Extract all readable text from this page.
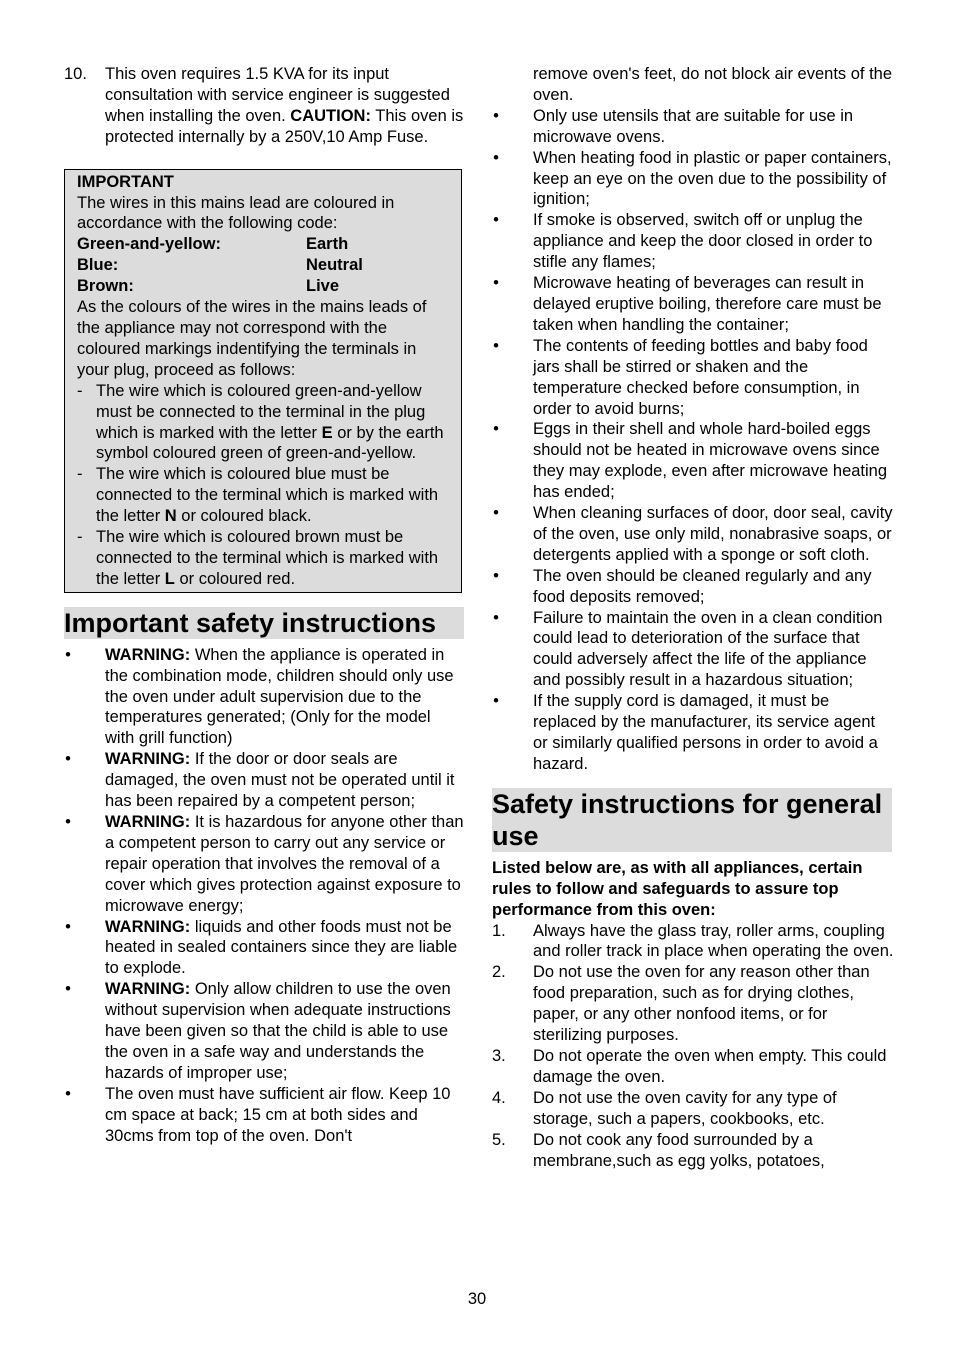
10. This oven requires 1.5 KVA for its input consultation with service engineer is suggested when installing the oven. CAUTION: This oven is protected internally by a 250V,10 Amp Fuse.
IMPORTANT
The wires in this mains lead are coloured in accordance with the following code:
Green-and-yellow:	Earth
Blue:	Neutral
Brown:	Live
As the colours of the wires in the mains leads of the appliance may not correspond with the coloured markings indentifying the terminals in your plug, proceed as follows:
- The wire which is coloured green-and-yellow must be connected to the terminal in the plug which is marked with the letter E or by the earth symbol coloured green of green-and-yellow.
- The wire which is coloured blue must be connected to the terminal which is marked with the letter N or coloured black.
- The wire which is coloured brown must be connected to the terminal which is marked with the letter L or coloured red.
Important safety instructions
• WARNING: When the appliance is operated in the combination mode, children should only use the oven under adult supervision due to the temperatures generated; (Only for the model with grill function)
• WARNING: If the door or door seals are damaged, the oven must not be operated until it has been repaired by a competent person;
• WARNING: It is hazardous for anyone other than a competent person to carry out any service or repair operation that involves the removal of a cover which gives protection against exposure to microwave energy;
• WARNING: liquids and other foods must not be heated in sealed containers since they are liable to explode.
• WARNING: Only allow children to use the oven without supervision when adequate instructions have been given so that the child is able to use the oven in a safe way and understands the hazards of improper use;
• The oven must have sufficient air flow. Keep 10 cm space at back; 15 cm at both sides and 30cms from top of the oven. Don't
remove oven's feet, do not block air events of the oven.
• Only use utensils that are suitable for use in microwave ovens.
• When heating food in plastic or paper containers, keep an eye on the oven due to the possibility of ignition;
• If smoke is observed, switch off or unplug the appliance and keep the door closed in order to stifle any flames;
• Microwave heating of beverages can result in delayed eruptive boiling, therefore care must be taken when handling the container;
• The contents of feeding bottles and baby food jars shall be stirred or shaken and the temperature checked before consumption, in order to avoid burns;
• Eggs in their shell and whole hard-boiled eggs should not be heated in microwave ovens since they may explode, even after microwave heating has ended;
• When cleaning surfaces of door, door seal, cavity of the oven, use only mild, nonabrasive soaps, or detergents applied with a sponge or soft cloth.
• The oven should be cleaned regularly and any food deposits removed;
• Failure to maintain the oven in a clean condition could lead to deterioration of the surface that could adversely affect the life of the appliance and possibly result in a hazardous situation;
• If the supply cord is damaged, it must be replaced by the manufacturer, its service agent or similarly qualified persons in order to avoid a hazard.
Safety instructions for general use
Listed below are, as with all appliances, certain rules to follow and safeguards to assure top performance from this oven:
1. Always have the glass tray, roller arms, coupling and roller track in place when operating the oven.
2. Do not use the oven for any reason other than food preparation, such as for drying clothes, paper, or any other nonfood items, or for sterilizing purposes.
3. Do not operate the oven when empty. This could damage the oven.
4. Do not use the oven cavity for any type of storage, such a papers, cookbooks, etc.
5. Do not cook any food surrounded by a membrane,such as egg yolks, potatoes,
30
